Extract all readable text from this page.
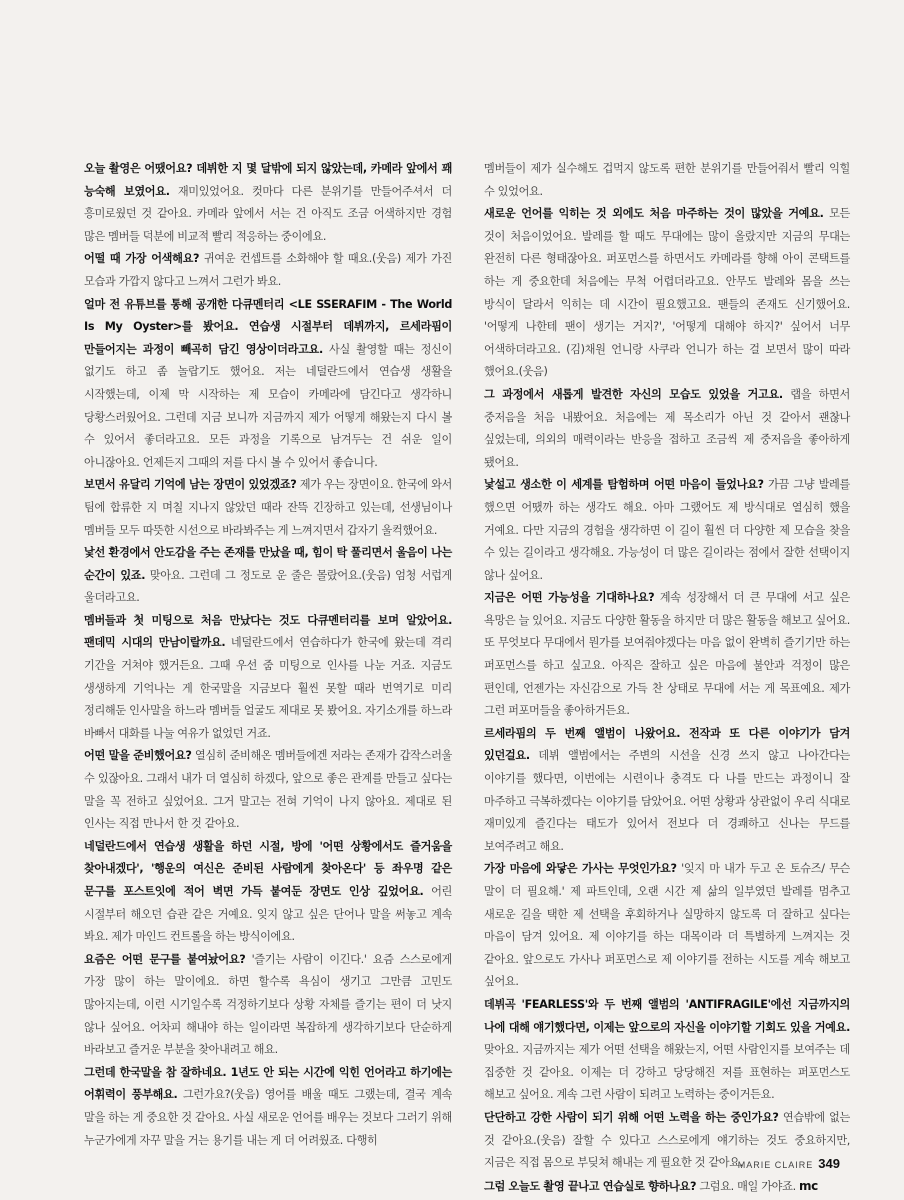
오늘 촬영은 어땠어요? 데뷔한 지 몇 달밖에 되지 않았는데, 카메라 앞에서 꽤 능숙해 보였어요. 재미있었어요. 컷마다 다른 분위기를 만들어주셔서 더 흥미로웠던 것 같아요. 카메라 앞에서 서는 건 아직도 조금 어색하지만 경험 많은 멤버들 덕분에 비교적 빨리 적응하는 중이에요.

어떨 때 가장 어색해요? 귀여운 컨셉트를 소화해야 할 때요.(웃음) 제가 가진 모습과 가깝지 않다고 느껴서 그런가 봐요.

얼마 전 유튜브를 통해 공개한 다큐멘터리 <LE SSERAFIM - The World Is My Oyster>를 봤어요. 연습생 시절부터 데뷔까지, 르세라핌이 만들어지는 과정이 빼곡히 담긴 영상이더라고요. 사실 촬영할 때는 정신이 없기도 하고 좀 놀랍기도 했어요. 저는 네덜란드에서 연습생 생활을 시작했는데, 이제 막 시작하는 제 모습이 카메라에 담긴다고 생각하니 당황스러웠어요. 그런데 지금 보니까 지금까지 제가 어떻게 해왔는지 다시 볼 수 있어서 좋더라고요. 모든 과정을 기록으로 남겨두는 건 쉬운 일이 아니잖아요. 언제든지 그때의 저를 다시 볼 수 있어서 좋습니다.

보면서 유달리 기억에 남는 장면이 있었겠죠? 제가 우는 장면이요. 한국에 와서 팀에 합류한 지 며칠 지나지 않았던 때라 잔뜩 긴장하고 있는데, 선생님이나 멤버들 모두 따뜻한 시선으로 바라봐주는 게 느껴지면서 갑자기 울컥했어요.

낯선 환경에서 안도감을 주는 존재를 만났을 때, 힘이 탁 풀리면서 울음이 나는 순간이 있죠. 맞아요. 그런데 그 정도로 운 줄은 몰랐어요.(웃음) 엄청 서럽게 울더라고요.

멤버들과 첫 미팅으로 처음 만났다는 것도 다큐멘터리를 보며 알았어요. 팬데믹 시대의 만남이랄까요. 네덜란드에서 연습하다가 한국에 왔는데 격리 기간을 거쳐야 했거든요. 그때 우선 줌 미팅으로 인사를 나눈 거죠. 지금도 생생하게 기억나는 게 한국말을 지금보다 훨씬 못할 때라 번역기로 미리 정리해둔 인사말을 하느라 멤버들 얼굴도 제대로 못 봤어요. 자기소개를 하느라 바빠서 대화를 나눌 여유가 없었던 거죠.

어떤 말을 준비했어요? 열심히 준비해온 멤버들에겐 저라는 존재가 갑작스러울 수 있잖아요. 그래서 내가 더 열심히 하겠다, 앞으로 좋은 관계를 만들고 싶다는 말을 꼭 전하고 싶었어요. 그거 말고는 전혀 기억이 나지 않아요. 제대로 된 인사는 직접 만나서 한 것 같아요.

네덜란드에서 연습생 생활을 하던 시절, 방에 '어떤 상황에서도 즐거움을 찾아내겠다', '행운의 여신은 준비된 사람에게 찾아온다' 등 좌우명 같은 문구를 포스트잇에 적어 벽면 가득 붙여둔 장면도 인상 깊었어요. 어린 시절부터 해오던 습관 같은 거예요. 잊지 않고 싶은 단어나 말을 써놓고 계속 봐요. 제가 마인드 컨트롤을 하는 방식이에요.

요즘은 어떤 문구를 붙여놨어요? '즐기는 사람이 이긴다.' 요즘 스스로에게 가장 많이 하는 말이에요. 하면 할수록 욕심이 생기고 그만큼 고민도 많아지는데, 이런 시기일수록 걱정하기보다 상황 자체를 즐기는 편이 더 낫지 않나 싶어요. 어차피 해내야 하는 일이라면 복잡하게 생각하기보다 단순하게 바라보고 즐거운 부분을 찾아내려고 해요.

그런데 한국말을 참 잘하네요. 1년도 안 되는 시간에 익힌 언어라고 하기에는 어휘력이 풍부해요. 그런가요?(웃음) 영어를 배울 때도 그랬는데, 결국 계속 말을 하는 게 중요한 것 같아요. 사실 새로운 언어를 배우는 것보다 그러기 위해 누군가에게 자꾸 말을 거는 용기를 내는 게 더 어려웠죠. 다행히

멤버들이 제가 실수해도 겁먹지 않도록 편한 분위기를 만들어줘서 빨리 익힐 수 있었어요.

새로운 언어를 익히는 것 외에도 처음 마주하는 것이 많았을 거예요. 모든 것이 처음이었어요. 발레를 할 때도 무대에는 많이 올랐지만 지금의 무대는 완전히 다른 형태잖아요. 퍼포먼스를 하면서도 카메라를 향해 아이 콘택트를 하는 게 중요한데 처음에는 무척 어렵더라고요. 안무도 발레와 몸을 쓰는 방식이 달라서 익히는 데 시간이 필요했고요. 팬들의 존재도 신기했어요. '어떻게 나한테 팬이 생기는 거지?', '어떻게 대해야 하지?' 싶어서 너무 어색하더라고요. (김)채원 언니랑 사쿠라 언니가 하는 걸 보면서 많이 따라 했어요.(웃음)

그 과정에서 새롭게 발견한 자신의 모습도 있었을 거고요. 랩을 하면서 중저음을 처음 내봤어요. 처음에는 제 목소리가 아닌 것 같아서 괜찮나 싶었는데, 의외의 매력이라는 반응을 접하고 조금씩 제 중저음을 좋아하게 됐어요.

낯설고 생소한 이 세계를 탐험하며 어떤 마음이 들었나요? 가끔 그냥 발레를 했으면 어땠까 하는 생각도 해요. 아마 그랬어도 제 방식대로 열심히 했을 거예요. 다만 지금의 경험을 생각하면 이 길이 훨씬 더 다양한 제 모습을 찾을 수 있는 길이라고 생각해요. 가능성이 더 많은 길이라는 점에서 잘한 선택이지 않나 싶어요.

지금은 어떤 가능성을 기대하나요? 계속 성장해서 더 큰 무대에 서고 싶은 욕망은 늘 있어요. 지금도 다양한 활동을 하지만 더 많은 활동을 해보고 싶어요. 또 무엇보다 무대에서 뭔가를 보여줘야겠다는 마음 없이 완벽히 즐기기만 하는 퍼포먼스를 하고 싶고요. 아직은 잘하고 싶은 마음에 불안과 걱정이 많은 편인데, 언젠가는 자신감으로 가득 찬 상태로 무대에 서는 게 목표예요. 제가 그런 퍼포머들을 좋아하거든요.

르세라핌의 두 번째 앨범이 나왔어요. 전작과 또 다른 이야기가 담겨 있던걸요. 데뷔 앨범에서는 주변의 시선을 신경 쓰지 않고 나아간다는 이야기를 했다면, 이번에는 시련이나 충격도 다 나를 만드는 과정이니 잘 마주하고 극복하겠다는 이야기를 담았어요. 어떤 상황과 상관없이 우리 식대로 재미있게 즐긴다는 태도가 있어서 전보다 더 경쾌하고 신나는 무드를 보여주려고 해요.

가장 마음에 와닿은 가사는 무엇인가요? '잊지 마 내가 두고 온 토슈즈/ 무슨 말이 더 필요해.' 제 파트인데, 오랜 시간 제 삶의 일부였던 발레를 멈추고 새로운 길을 택한 제 선택을 후회하거나 실망하지 않도록 더 잘하고 싶다는 마음이 담겨 있어요. 제 이야기를 하는 대목이라 더 특별하게 느껴지는 것 같아요. 앞으로도 가사나 퍼포먼스로 제 이야기를 전하는 시도를 계속 해보고 싶어요.

데뷔곡 'FEARLESS'와 두 번째 앨범의 'ANTIFRAGILE'에선 지금까지의 나에 대해 얘기했다면, 이제는 앞으로의 자신을 이야기할 기회도 있을 거예요. 맞아요. 지금까지는 제가 어떤 선택을 해왔는지, 어떤 사람인지를 보여주는 데 집중한 것 같아요. 이제는 더 강하고 당당해진 저를 표현하는 퍼포먼스도 해보고 싶어요. 계속 그런 사람이 되려고 노력하는 중이거든요.

단단하고 강한 사람이 되기 위해 어떤 노력을 하는 중인가요? 연습밖에 없는 것 같아요.(웃음) 잘할 수 있다고 스스로에게 얘기하는 것도 중요하지만, 지금은 직접 몸으로 부딪쳐 해내는 게 필요한 것 같아요.

그럼 오늘도 촬영 끝나고 연습실로 향하나요? 그럼요. 매일 가야죠. mc

MARIE CLAIRE 349
